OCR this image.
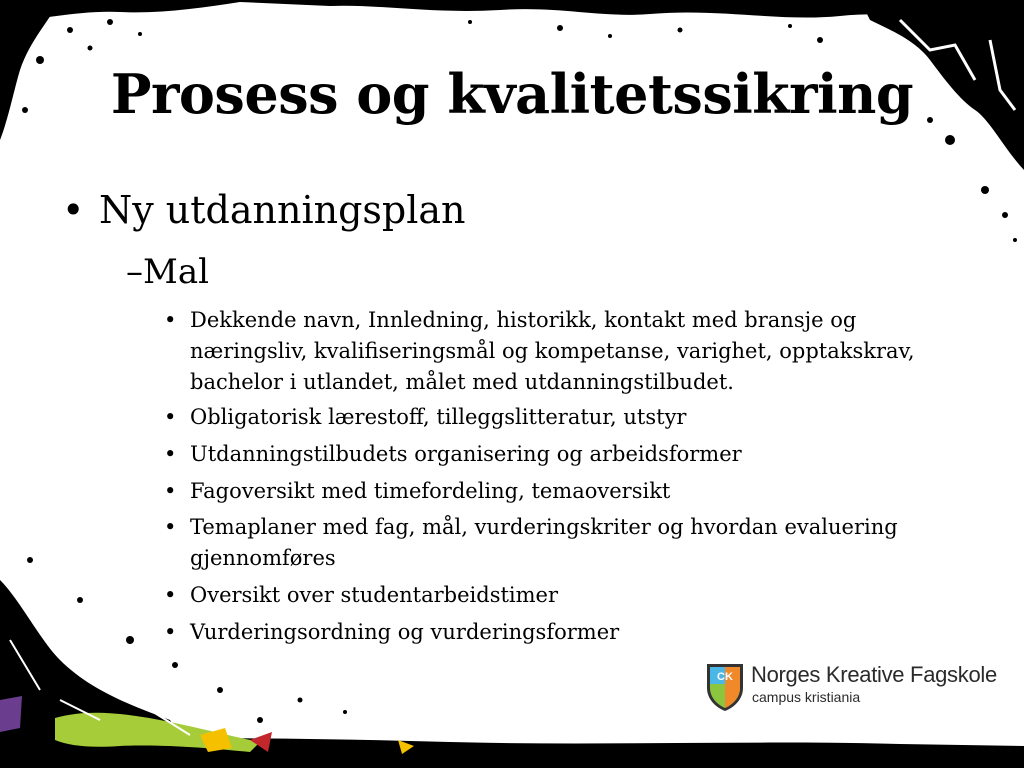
Prosess og kvalitetssikring
• Ny utdanningsplan
–Mal
• Dekkende navn, Innledning, historikk, kontakt med bransje og næringsliv, kvalifiseringsmål og kompetanse, varighet, opptakskrav, bachelor i utlandet, målet med utdanningstilbudet.
• Obligatorisk lærestoff, tilleggslitteratur, utstyr
• Utdanningstilbudets organisering og arbeidsformer
• Fagoversikt med timefordeling, temaoversikt
• Temaplaner med fag, mål, vurderingskriter og hvordan evaluering gjennomføres
• Oversikt over studentarbeidstimer
• Vurderingsordning og vurderingsformer
CK Norges Kreative Fagskole
campus kristiania
